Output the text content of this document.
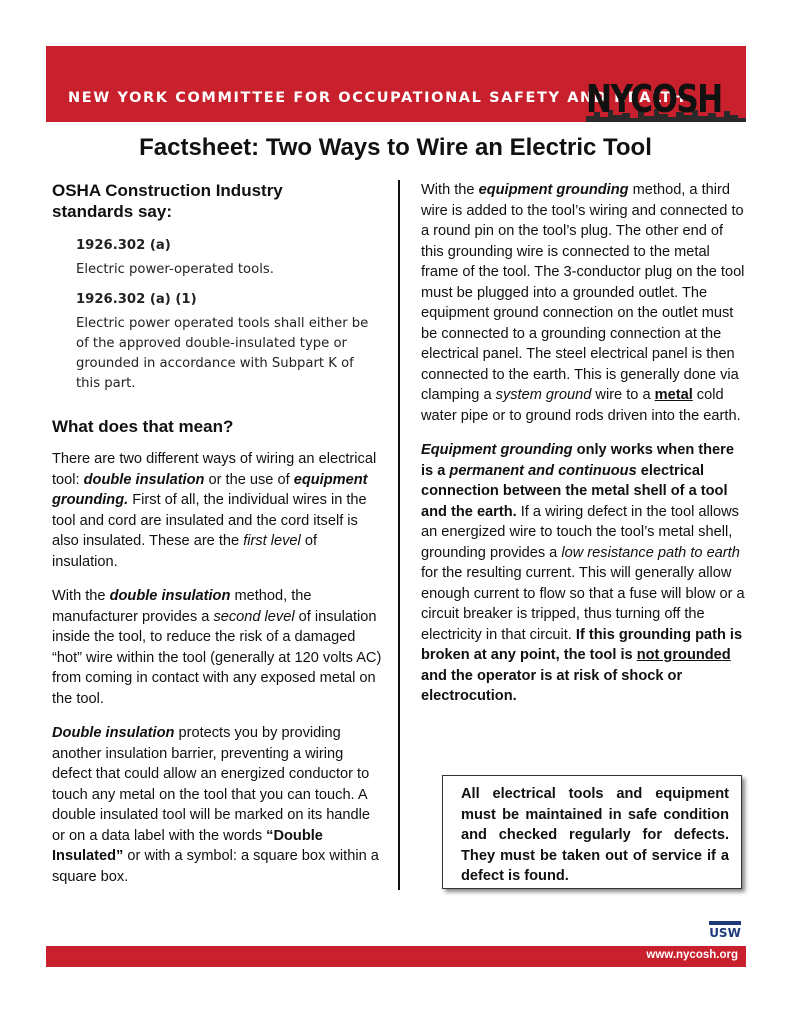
NEW YORK COMMITTEE FOR OCCUPATIONAL SAFETY AND HEALTH
NYCOSH
Factsheet: Two Ways to Wire an Electric Tool
OSHA Construction Industry standards say:
1926.302 (a)
Electric power-operated tools.
1926.302 (a) (1)
Electric power operated tools shall either be of the approved double-insulated type or grounded in accordance with Subpart K of this part.
What does that mean?

There are two different ways of wiring an electrical tool: double insulation or the use of equipment grounding. First of all, the individual wires in the tool and cord are insulated and the cord itself is also insulated. These are the first level of insulation.

With the double insulation method, the manufacturer provides a second level of insulation inside the tool, to reduce the risk of a damaged “hot” wire within the tool (generally at 120 volts AC) from coming in contact with any exposed metal on the tool.

Double insulation protects you by providing another insulation barrier, preventing a wiring defect that could allow an energized conductor to touch any metal on the tool that you can touch. A double insulated tool will be marked on its handle or on a data label with the words “Double Insulated” or with a symbol: a square box within a square box.

With the equipment grounding method, a third wire is added to the tool’s wiring and connected to a round pin on the tool’s plug. The other end of this grounding wire is connected to the metal frame of the tool. The 3-conductor plug on the tool must be plugged into a grounded outlet. The equipment ground connection on the outlet must be connected to a grounding connection at the electrical panel. The steel electrical panel is then connected to the earth. This is generally done via clamping a system ground wire to a metal cold water pipe or to ground rods driven into the earth.

Equipment grounding only works when there is a permanent and continuous electrical connection between the metal shell of a tool and the earth. If a wiring defect in the tool allows an energized wire to touch the tool’s metal shell, grounding provides a low resistance path to earth for the resulting current. This will generally allow enough current to flow so that a fuse will blow or a circuit breaker is tripped, thus turning off the electricity in that circuit. If this grounding path is broken at any point, the tool is not grounded and the operator is at risk of shock or electrocution.

All electrical tools and equipment must be maintained in safe condition and checked regularly for defects. They must be taken out of service if a defect is found.
USW
www.nycosh.org
